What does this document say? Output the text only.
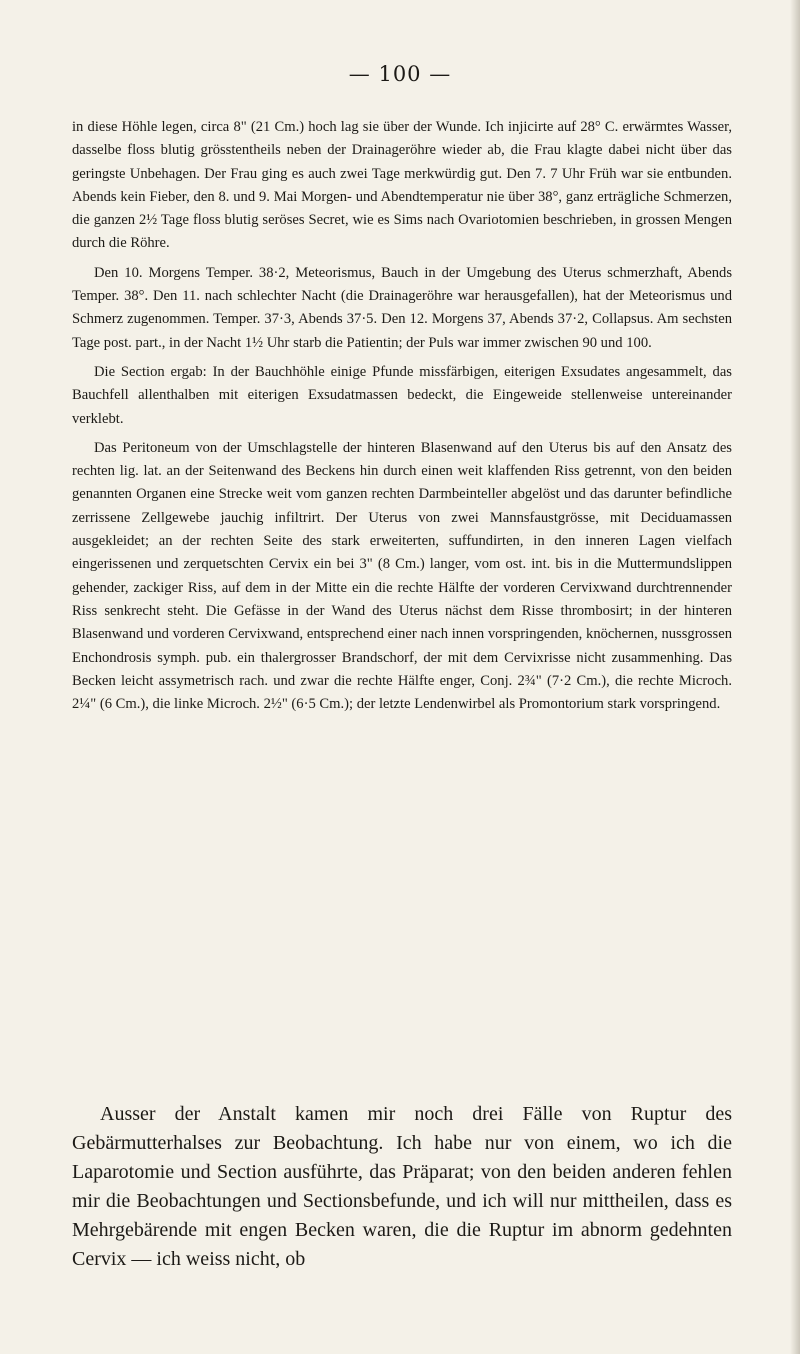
— 100 —

in diese Höhle legen, circa 8" (21 Cm.) hoch lag sie über der Wunde. Ich injicirte auf 28° C. erwärmtes Wasser, dasselbe floss blutig grösstentheils neben der Drainageröhre wieder ab, die Frau klagte dabei nicht über das geringste Unbehagen. Der Frau ging es auch zwei Tage merkwürdig gut. Den 7. 7 Uhr Früh war sie entbunden. Abends kein Fieber, den 8. und 9. Mai Morgen- und Abendtemperatur nie über 38°, ganz erträgliche Schmerzen, die ganzen 2½ Tage floss blutig seröses Secret, wie es Sims nach Ovariotomien beschrieben, in grossen Mengen durch die Röhre.

Den 10. Morgens Temper. 38·2, Meteorismus, Bauch in der Umgebung des Uterus schmerzhaft, Abends Temper. 38°. Den 11. nach schlechter Nacht (die Drainageröhre war herausgefallen), hat der Meteorismus und Schmerz zugenommen. Temper. 37·3, Abends 37·5. Den 12. Morgens 37, Abends 37·2, Collapsus. Am sechsten Tage post. part., in der Nacht 1½ Uhr starb die Patientin; der Puls war immer zwischen 90 und 100.

Die Section ergab: In der Bauchhöhle einige Pfunde missfärbigen, eiterigen Exsudates angesammelt, das Bauchfell allenthalben mit eiterigen Exsudatmassen bedeckt, die Eingeweide stellenweise untereinander verklebt.

Das Peritoneum von der Umschlagstelle der hinteren Blasenwand auf den Uterus bis auf den Ansatz des rechten lig. lat. an der Seitenwand des Beckens hin durch einen weit klaffenden Riss getrennt, von den beiden genannten Organen eine Strecke weit vom ganzen rechten Darmbeinteller abgelöst und das darunter befindliche zerrissene Zellgewebe jauchig infiltrirt. Der Uterus von zwei Mannsfaustgrösse, mit Deciduamassen ausgekleidet; an der rechten Seite des stark erweiterten, suffundirten, in den inneren Lagen vielfach eingerissenen und zerquetschten Cervix ein bei 3" (8 Cm.) langer, vom ost. int. bis in die Muttermundslippen gehender, zackiger Riss, auf dem in der Mitte ein die rechte Hälfte der vorderen Cervixwand durchtrennender Riss senkrecht steht. Die Gefässe in der Wand des Uterus nächst dem Risse thrombosirt; in der hinteren Blasenwand und vorderen Cervixwand, entsprechend einer nach innen vorspringenden, knöchernen, nussgrossen Enchondrosis symph. pub. ein thalergrosser Brandschorf, der mit dem Cervixrisse nicht zusammenhing. Das Becken leicht assymetrisch rach. und zwar die rechte Hälfte enger, Conj. 2¾" (7·2 Cm.), die rechte Microch. 2¼" (6 Cm.), die linke Microch. 2½" (6·5 Cm.); der letzte Lendenwirbel als Promontorium stark vorspringend.

Ausser der Anstalt kamen mir noch drei Fälle von Ruptur des Gebärmutterhalses zur Beobachtung. Ich habe nur von einem, wo ich die Laparotomie und Section ausführte, das Präparat; von den beiden anderen fehlen mir die Beobachtungen und Sectionsbefunde, und ich will nur mittheilen, dass es Mehrgebärende mit engen Becken waren, die die Ruptur im abnorm gedehnten Cervix — ich weiss nicht, ob
